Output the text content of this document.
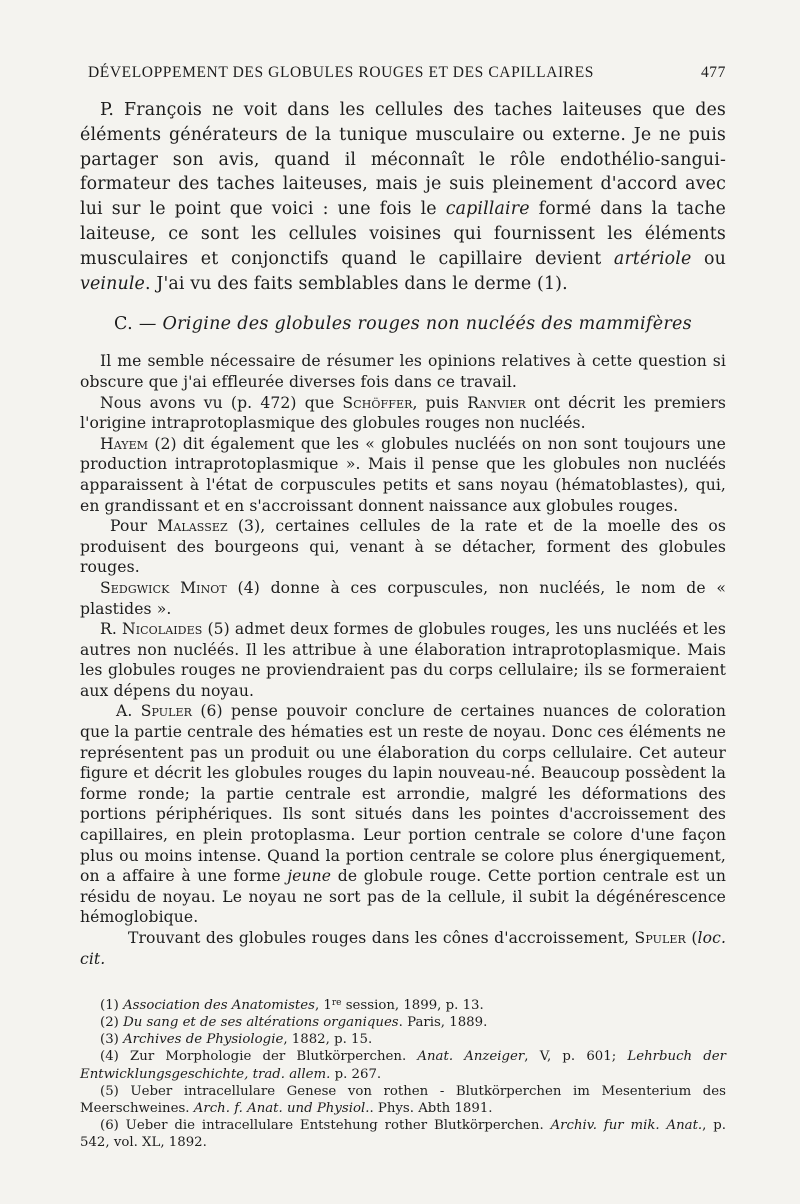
DÉVELOPPEMENT DES GLOBULES ROUGES ET DES CAPILLAIRES	477

P. François ne voit dans les cellules des taches laiteuses que des éléments générateurs de la tunique musculaire ou externe. Je ne puis partager son avis, quand il méconnaît le rôle endothélio-sangui-formateur des taches laiteuses, mais je suis pleinement d'accord avec lui sur le point que voici : une fois le capillaire formé dans la tache laiteuse, ce sont les cellules voisines qui fournissent les éléments musculaires et conjonctifs quand le capillaire devient artériole ou veinule. J'ai vu des faits semblables dans le derme (1).

C. — Origine des globules rouges non nucléés des mammifères

Il me semble nécessaire de résumer les opinions relatives à cette question si obscure que j'ai effleurée diverses fois dans ce travail.

Nous avons vu (p. 472) que Schöffer, puis Ranvier ont décrit les premiers l'origine intraprotoplasmique des globules rouges non nucléés.

Hayem (2) dit également que les « globules nucléés on non sont toujours une production intraprotoplasmique ». Mais il pense que les globules non nucléés apparaissent à l'état de corpuscules petits et sans noyau (hématoblastes), qui, en grandissant et en s'accroissant donnent naissance aux globules rouges.

Pour Malassez (3), certaines cellules de la rate et de la moelle des os produisent des bourgeons qui, venant à se détacher, forment des globules rouges.

Sedgwick Minot (4) donne à ces corpuscules, non nucléés, le nom de « plastides ».

R. Nicolaides (5) admet deux formes de globules rouges, les uns nucléés et les autres non nucléés. Il les attribue à une élaboration intraprotoplasmique. Mais les globules rouges ne proviendraient pas du corps cellulaire; ils se formeraient aux dépens du noyau.

A. Spuler (6) pense pouvoir conclure de certaines nuances de coloration que la partie centrale des hématies est un reste de noyau. Donc ces éléments ne représentent pas un produit ou une élaboration du corps cellulaire. Cet auteur figure et décrit les globules rouges du lapin nouveau-né. Beaucoup possèdent la forme ronde; la partie centrale est arrondie, malgré les déformations des portions périphériques. Ils sont situés dans les pointes d'accroissement des capillaires, en plein protoplasma. Leur portion centrale se colore d'une façon plus ou moins intense. Quand la portion centrale se colore plus énergiquement, on a affaire à une forme jeune de globule rouge. Cette portion centrale est un résidu de noyau. Le noyau ne sort pas de la cellule, il subit la dégénérescence hémoglobique.

Trouvant des globules rouges dans les cônes d'accroissement, Spuler (loc. cit.

(1) Association des Anatomistes, 1re session, 1899, p. 13.

(2) Du sang et de ses altérations organiques. Paris, 1889.

(3) Archives de Physiologie, 1882, p. 15.

(4) Zur Morphologie der Blutkörperchen. Anat. Anzeiger, V, p. 601; Lehrbuch der Entwicklungsgeschichte, trad. allem. p. 267.

(5) Ueber intracellulare Genese von rothen - Blutkörperchen im Mesenterium des Meerschweines. Arch. f. Anat. und Physiol.. Phys. Abth 1891.

(6) Ueber die intracellulare Entstehung rother Blutkörperchen. Archiv. fur mik. Anat., p. 542, vol. XL, 1892.
